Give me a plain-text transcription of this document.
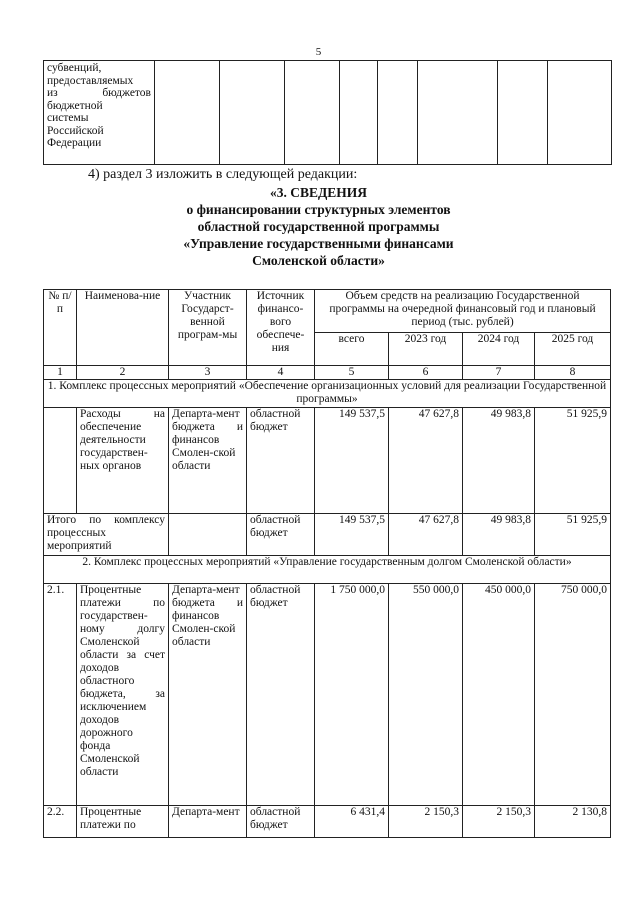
5
субвенций,
предоставляемых
из	бюджетов
бюджетной
системы
Российской
Федерации

4) раздел 3 изложить в следующей редакции:
«3. СВЕДЕНИЯ
о финансировании структурных элементов
областной государственной программы
«Управление государственными финансами
Смоленской области»
№ п/п	Наименова-ние	Участник Государст-венной програм-мы	Источник финансо-вого обеспече-ния	Объем средств на реализацию Государственной программы на очередной финансовый год и плановый период (тыс. рублей)			
				всего	2023 год	2024 год	2025 год
1	2	3	4	5	6	7	8
1. Комплекс процессных мероприятий «Обеспечение организационных условий для реализации Государственной программы»							
	Расходы на обеспечение деятельности государствен-ных органов	Департа-мент бюджета и финансов Смолен-ской области	областной бюджет	149 537,5	47 627,8	49 983,8	51 925,9
Итого по комплексу процессных мероприятий			областной бюджет	149 537,5	47 627,8	49 983,8	51 925,9
2. Комплекс процессных мероприятий «Управление государственным долгом Смоленской области»							
2.1.	Процентные платежи по государствен-ному долгу Смоленской области за счет доходов областного бюджета, за исключением доходов дорожного фонда Смоленской области	Департа-мент бюджета и финансов Смолен-ской области	областной бюджет	1 750 000,0	550 000,0	450 000,0	750 000,0
2.2.	Процентные платежи по	Департа-мент	областной бюджет	6 431,4	2 150,3	2 150,3	2 130,8
